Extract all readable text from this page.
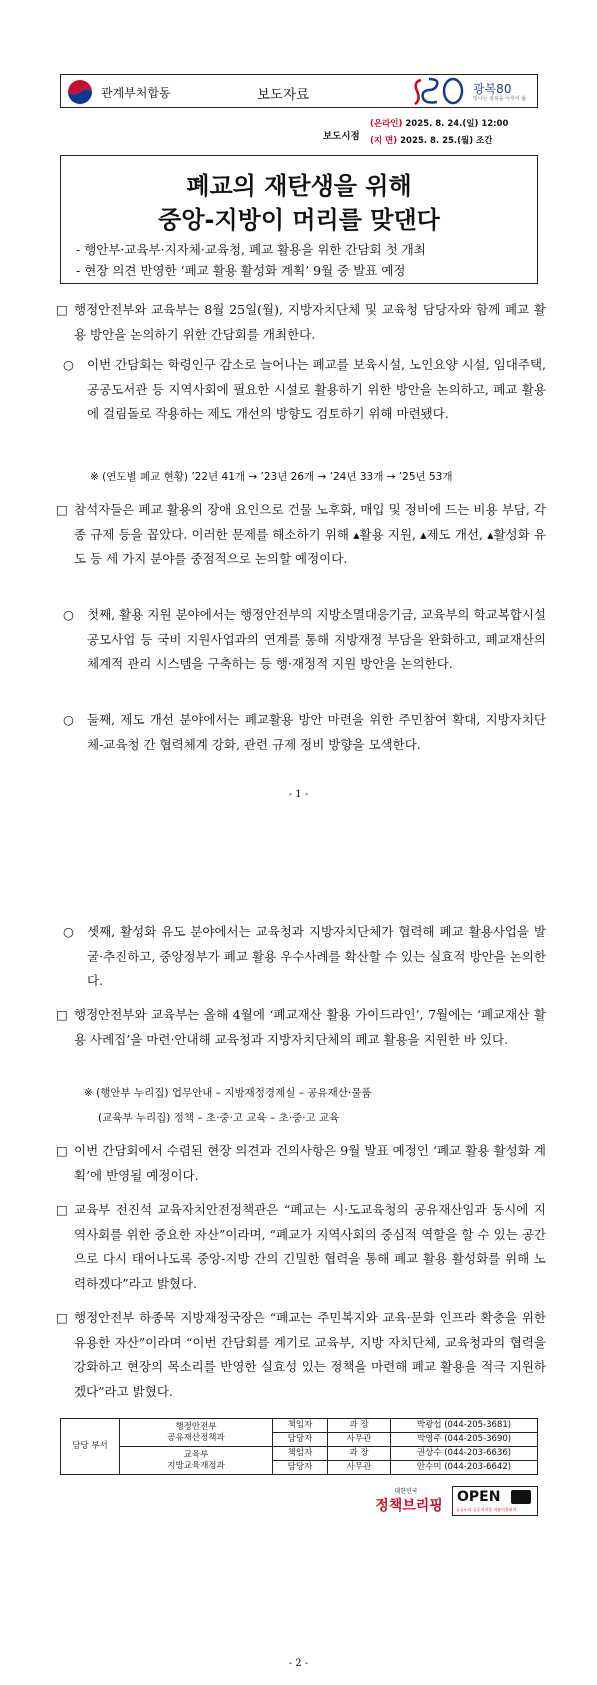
관계부처합동	보도자료	광복80
빛나는 광복을 이루어 삶
보도시점
(온라인) 2025. 8. 24.(일) 12:00
(지 면) 2025. 8. 25.(월) 조간
폐교의 재탄생을 위해
중앙-지방이 머리를 맞댄다
- 행안부·교육부·지자체·교육청, 폐교 활용을 위한 간담회 첫 개최
- 현장 의견 반영한 ‘폐교 활용 활성화 계획’ 9월 중 발표 예정
□ 행정안전부와 교육부는 8월 25일(월), 지방자치단체 및 교육청 담당자와 함께 폐교 활용 방안을 논의하기 위한 간담회를 개최한다.
○	이번 간담회는 학령인구 감소로 늘어나는 폐교를 보육시설, 노인요양 시설, 임대주택, 공공도서관 등 지역사회에 필요한 시설로 활용하기 위한 방안을 논의하고, 폐교 활용에 걸림돌로 작용하는 제도 개선의 방향도 검토하기 위해 마련됐다.
※ (연도별 폐교 현황) ’22년 41개 → ’23년 26개 → ’24년 33개 → ’25년 53개
□ 참석자들은 폐교 활용의 장애 요인으로 건물 노후화, 매입 및 정비에 드는 비용 부담, 각종 규제 등을 꼽았다. 이러한 문제를 해소하기 위해 ▴활용 지원, ▴제도 개선, ▴활성화 유도 등 세 가지 분야를 중점적으로 논의할 예정이다.
○	첫째, 활용 지원 분야에서는 행정안전부의 지방소멸대응기금, 교육부의 학교복합시설 공모사업 등 국비 지원사업과의 연계를 통해 지방재정 부담을 완화하고, 폐교재산의 체계적 관리 시스템을 구축하는 등 행·재정적 지원 방안을 논의한다.
○	둘째, 제도 개선 분야에서는 폐교활용 방안 마련을 위한 주민참여 확대, 지방자치단체-교육청 간 협력체계 강화, 관련 규제 정비 방향을 모색한다.
- 1 -
○	셋째, 활성화 유도 분야에서는 교육청과 지방자치단체가 협력해 폐교 활용사업을 발굴·추진하고, 중앙정부가 폐교 활용 우수사례를 확산할 수 있는 실효적 방안을 논의한다.
□ 행정안전부와 교육부는 올해 4월에 ‘폐교재산 활용 가이드라인’, 7월에는 ‘폐교재산 활용 사례집’을 마련·안내해 교육청과 지방자치단체의 폐교 활용을 지원한 바 있다.
※ (행안부 누리집) 업무안내 – 지방재정경제실 – 공유재산·물품
(교육부 누리집) 정책 – 초·중·고 교육 – 초·중·고 교육
□ 이번 간담회에서 수렴된 현장 의견과 건의사항은 9월 발표 예정인 ‘폐교 활용 활성화 계획’에 반영될 예정이다.
□ 교육부 전진석 교육자치안전정책관은 “폐교는 시·도교육청의 공유재산임과 동시에 지역사회를 위한 중요한 자산”이라며, “폐교가 지역사회의 중심적 역할을 할 수 있는 공간으로 다시 태어나도록 중앙-지방 간의 긴밀한 협력을 통해 폐교 활용 활성화를 위해 노력하겠다”라고 밝혔다.
□ 행정안전부 하종목 지방재정국장은 “폐교는 주민복지와 교육·문화 인프라 확충을 위한 유용한 자산”이라며 “이번 간담회를 계기로 교육부, 지방 자치단체, 교육청과의 협력을 강화하고 현장의 목소리를 반영한 실효성 있는 정책을 마련해 폐교 활용을 적극 지원하겠다”라고 밝혔다.
담당 부서	행정안전부
공유재산정책과	책임자	과 장	박광섭 (044-205-3681)
		담당자	사무관	박영주 (044-205-3690)

	교육부
지방교육재정과	책임자	과 장	권상수 (044-203-6636)
		담당자	사무관	안수미 (044-203-6642)
대한민국
정책브리핑
OPEN
공공누리 공공저작물 자유이용허락
- 2 -
